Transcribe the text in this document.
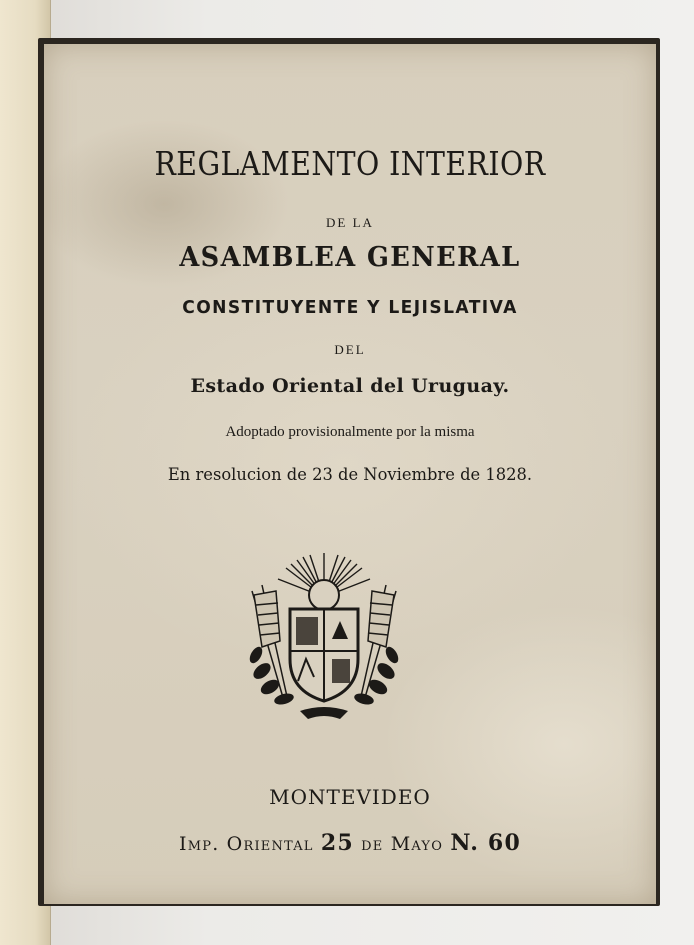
REGLAMENTO INTERIOR
DE LA
ASAMBLEA GENERAL
CONSTITUYENTE Y LEJISLATIVA
DEL
Estado Oriental del Uruguay.
Adoptado provisionalmente por la misma
En resolucion de 23 de Noviembre de 1828.
MONTEVIDEO
Imp. Oriental 25 de Mayo N. 60
